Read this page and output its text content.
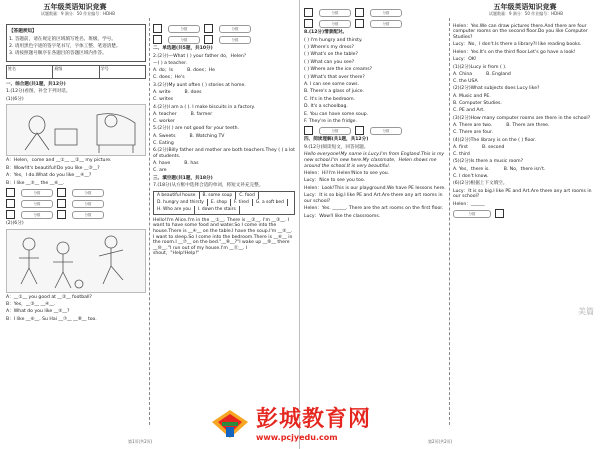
五年级英语知识竞赛
试题数量：9 满分：50 作业编号：HDHB
【答题须知】
1. 答题前，请在规定的区域填写姓名、班级、学号。
2. 请用黑色字迹的签字笔书写，字体工整、笔迹清楚。
3. 请按照题号顺序在各题目的答题区域内作答。
姓名	班级	学号
一、综合题(共1题，共12分)
1.(12分)看图，补全下列对话。
(1)(6分)
A：Helen，come and __①__ __②__ my picture.
B：Wow!It's beautiful!Do you like __③__?
A：Yes，I do.What do you like __④__?
B：I like __⑤__ the __⑥__.
分数	分数
分数	分数
分数	分数
(2)(6分)
A：__①__ you good at __②__ football?
B：Yes，__③__ __④__.
A：What do you like __⑤__?
B：I like __⑥__. Su Hai __⑦__ __⑧__ too.
分数	分数
分数	分数
二、单选题(共5题，共10分)
2.(2分)—What ( ) your father do，Helen？
—( ) a teacher.
A. do；Is	B. does；He
C. does；He's
3.(2分)My aunt often ( ) stories at home.
A. write	B. does
C. writes
4.(2分)I am a ( ). I make biscuits in a factory.
A. teacher	B. farmer
C. worker
5.(2分)( ) are not good for your teeth.
A. Sweets	B. Watching TV
C. Eating
6.(2分)Billy father and mother are both teachers.They ( ) a lot of students.
A. have	B. has
C. are
三、填空题(共1题，共18分)
7.(18分)从方框中选择合适的单词，将短文补充完整。
A beautiful house	B. some soup	C. food
D. hungry and thirsty	E. shop	F. tired	G. a soft bed
H. Who are you	I. down the stairs
Hello!I'm Alice.I'm in the __①__. There is __②__. I'm __③__. I want to have some food and water.So I come into the house.There is __④__ on the table.I have the soup.I'm __⑤__. I want to sleep.So I come into the bedroom.There is __⑥__ in the room.I __⑦__ on the bed."__⑧__?"I wake up __⑨__ there __⑩__."I run out of my house.I'm __⑪__. I shout，"Help!Help!"
第1页(共2页)
分数	分数
分数	分数
8.(12分)情景配对。
( ) I'm hungry and thirsty.
( ) Where's my dress?
( ) What's on the table?
( ) What can you see?
( ) Where are the ice creams?
( ) What's that over there?
A. I can see some cows.
B. There's a glass of juice.
C. It's in the bedroom.
D. It's a schoolbag.
E. You can have some soup.
F. They're in the fridge.
分数	分数
四、阅读理解(共1题，共12分)
9.(12分)阅读短文，回答问题。
Hello everyone!My name is Lucy.I'm from England.This is my new school.I'm new here.My classmate，Helen shows me around the school.It is very beautiful.
Helen：Hi!I'm Helen!Nice to see you.
Lucy：Nice to see you too.
Helen：Look!This is our playground.We have PE lessons here.
Lucy：It is so big.I like PE and Art.Are there any art rooms in our school?
Helen：Yes. ______. There are the art rooms on the first floor.
Lucy：Wow!I like the classrooms.
五年级英语知识竞赛
试题数量：9 满分：50 作业编号：HDHB
Helen：Yes.We can draw pictures there.And there are four computer rooms on the second floor.Do you like Computer Studies?
Lucy：No，I don't.Is there a library?I like reading books.
Helen：Yes.It's on the third floor.Let's go have a look!
Lucy：OK!
(1)(2分)Lucy is from ( ).
A. China	B. England
C. the USA
(2)(2分)What subjects does Lucy like?
A. Music and PE.
B. Computer Studies.
C. PE and Art.
(3)(2分)How many computer rooms are there in the school?
A. There are two.	B. There are three.
C. There are four.
(4)(2分)The library is on the ( ) floor.
A. first	B. second
C. third
(5)(2分)Is there a music room?
A. Yes，there is.	B. No，there isn't.
C. I don't know.
(6)(2分)根据上下文填空。
Lucy：It is so big.I like PE and Art.Are there any art rooms in our school?
Helen：______
分数
美篇
第2页(共2页)
彭城教育网
www.pcjyedu.com
